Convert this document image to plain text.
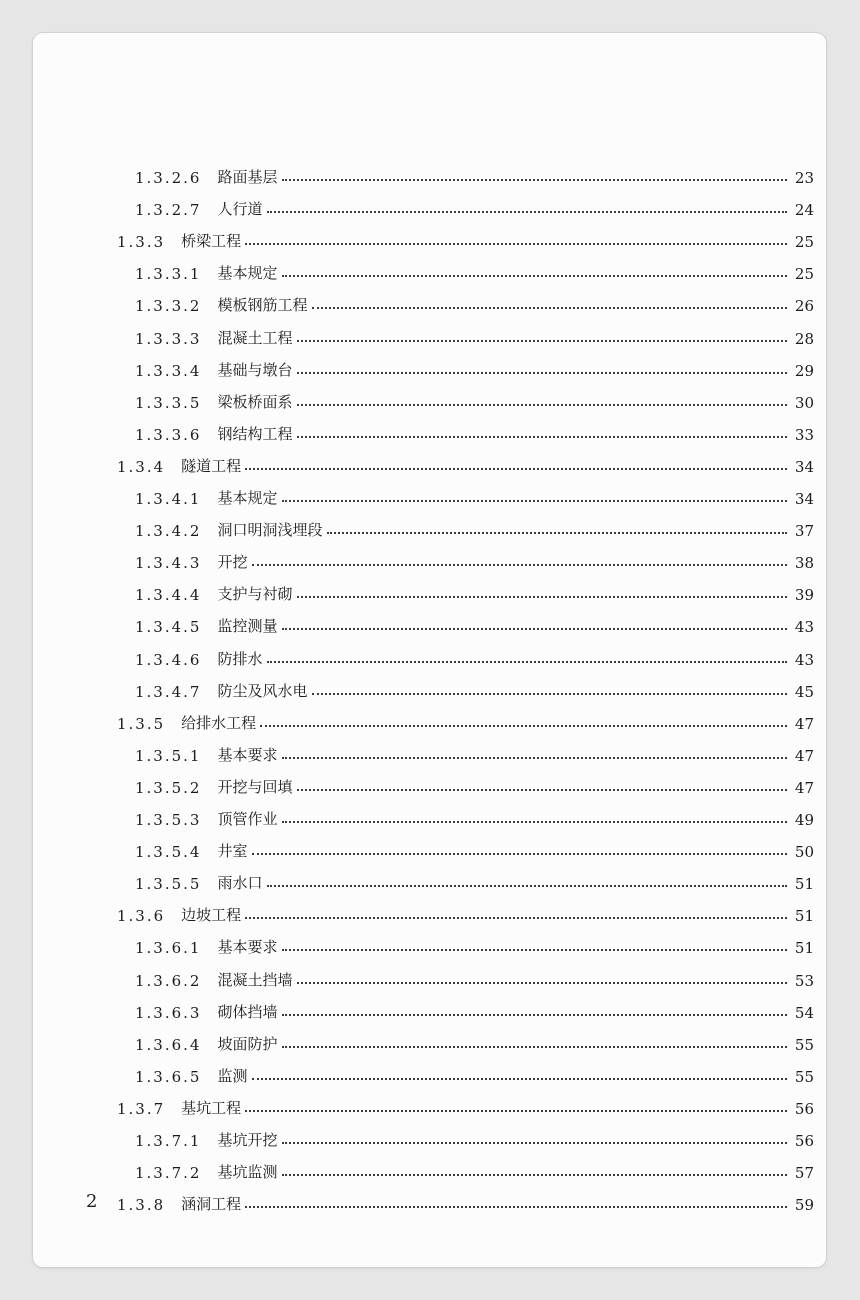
1.3.2.6 路面基层	23
1.3.2.7 人行道	24
1.3.3 桥梁工程	25
1.3.3.1 基本规定	25
1.3.3.2 模板钢筋工程	26
1.3.3.3 混凝土工程	28
1.3.3.4 基础与墩台	29
1.3.3.5 梁板桥面系	30
1.3.3.6 钢结构工程	33
1.3.4 隧道工程	34
1.3.4.1 基本规定	34
1.3.4.2 洞口明洞浅埋段	37
1.3.4.3 开挖	38
1.3.4.4 支护与衬砌	39
1.3.4.5 监控测量	43
1.3.4.6 防排水	43
1.3.4.7 防尘及风水电	45
1.3.5 给排水工程	47
1.3.5.1 基本要求	47
1.3.5.2 开挖与回填	47
1.3.5.3 顶管作业	49
1.3.5.4 井室	50
1.3.5.5 雨水口	51
1.3.6 边坡工程	51
1.3.6.1 基本要求	51
1.3.6.2 混凝土挡墙	53
1.3.6.3 砌体挡墙	54
1.3.6.4 坡面防护	55
1.3.6.5 监测	55
1.3.7 基坑工程	56
1.3.7.1 基坑开挖	56
1.3.7.2 基坑监测	57
1.3.8 涵洞工程	59
2
